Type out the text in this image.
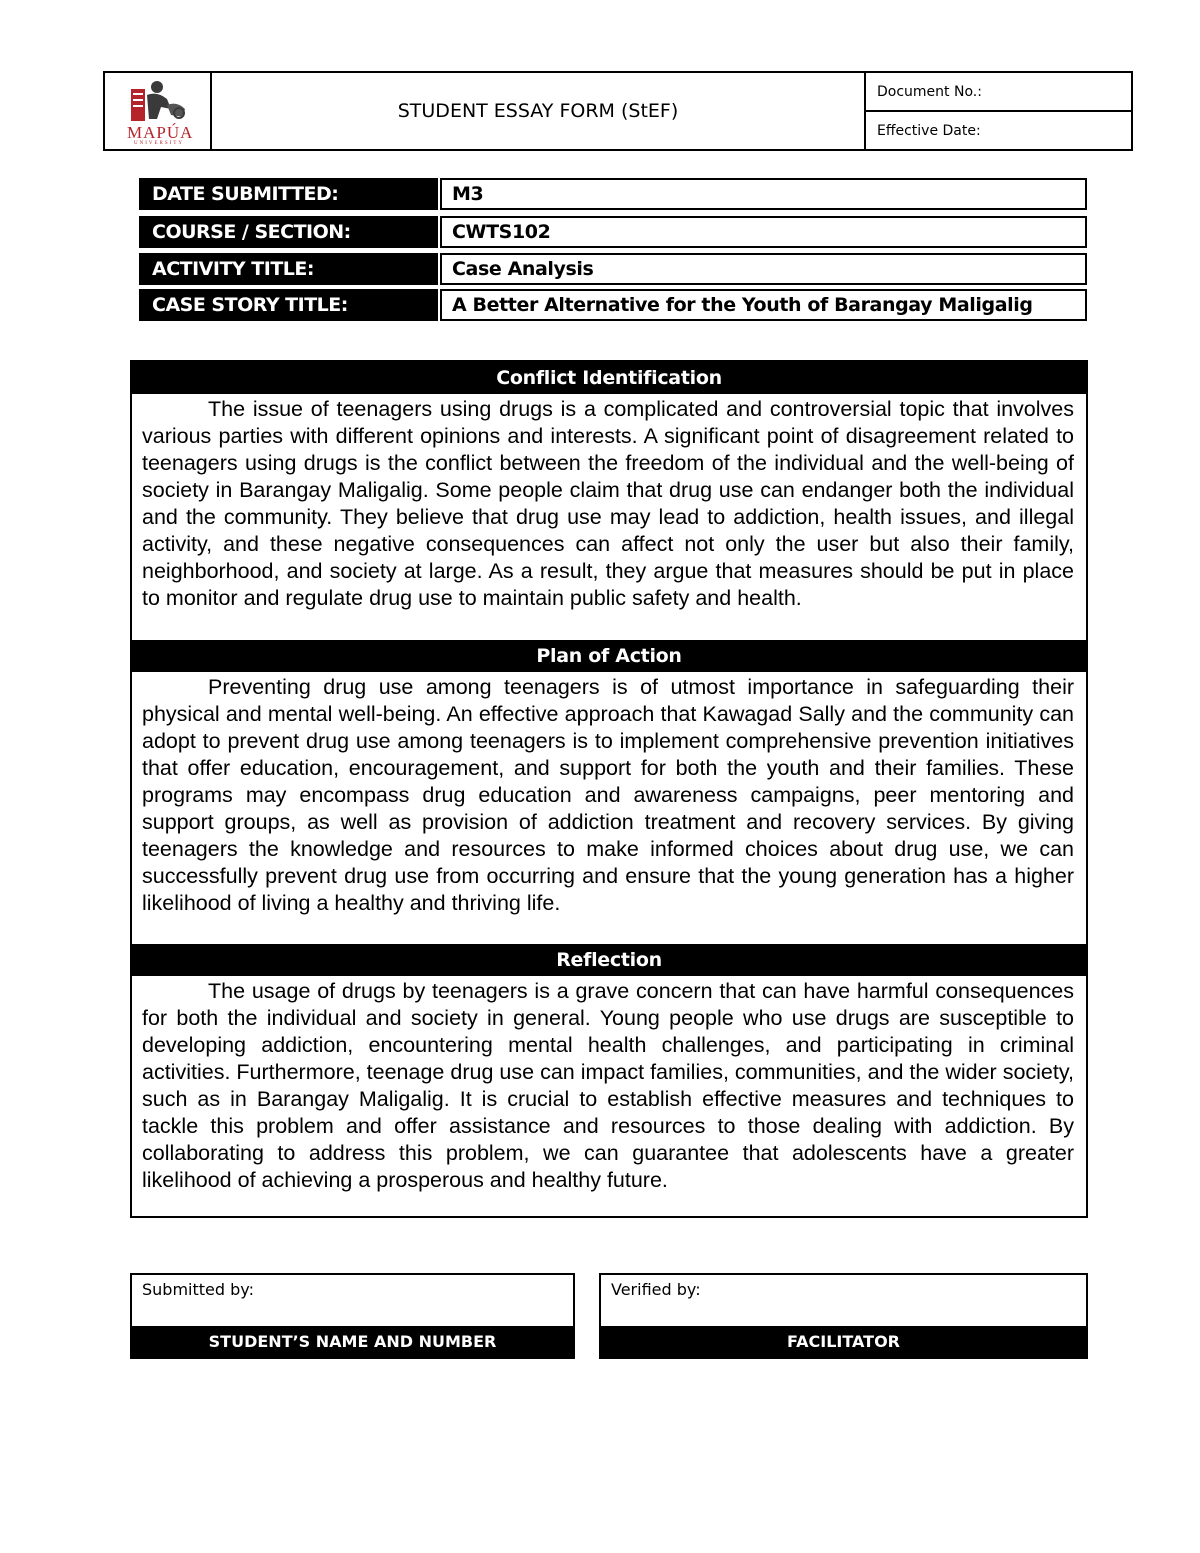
MAPÚA
UNIVERSITY
STUDENT ESSAY FORM (StEF)
Document No.:
Effective Date:
DATE SUBMITTED:	M3
COURSE / SECTION:	CWTS102
ACTIVITY TITLE:	Case Analysis
CASE STORY TITLE:	A Better Alternative for the Youth of Barangay Maligalig
Conflict Identification
The issue of teenagers using drugs is a complicated and controversial topic that involves various parties with different opinions and interests. A significant point of disagreement related to teenagers using drugs is the conflict between the freedom of the individual and the well-being of society in Barangay Maligalig. Some people claim that drug use can endanger both the individual and the community. They believe that drug use may lead to addiction, health issues, and illegal activity, and these negative consequences can affect not only the user but also their family, neighborhood, and society at large. As a result, they argue that measures should be put in place to monitor and regulate drug use to maintain public safety and health.
Plan of Action
Preventing drug use among teenagers is of utmost importance in safeguarding their physical and mental well-being. An effective approach that Kawagad Sally and the community can adopt to prevent drug use among teenagers is to implement comprehensive prevention initiatives that offer education, encouragement, and support for both the youth and their families. These programs may encompass drug education and awareness campaigns, peer mentoring and support groups, as well as provision of addiction treatment and recovery services. By giving teenagers the knowledge and resources to make informed choices about drug use, we can successfully prevent drug use from occurring and ensure that the young generation has a higher likelihood of living a healthy and thriving life.
Reflection
The usage of drugs by teenagers is a grave concern that can have harmful consequences for both the individual and society in general. Young people who use drugs are susceptible to developing addiction, encountering mental health challenges, and participating in criminal activities. Furthermore, teenage drug use can impact families, communities, and the wider society, such as in Barangay Maligalig. It is crucial to establish effective measures and techniques to tackle this problem and offer assistance and resources to those dealing with addiction. By collaborating to address this problem, we can guarantee that adolescents have a greater likelihood of achieving a prosperous and healthy future.
Submitted by:
STUDENT’S NAME AND NUMBER
Verified by:
FACILITATOR
